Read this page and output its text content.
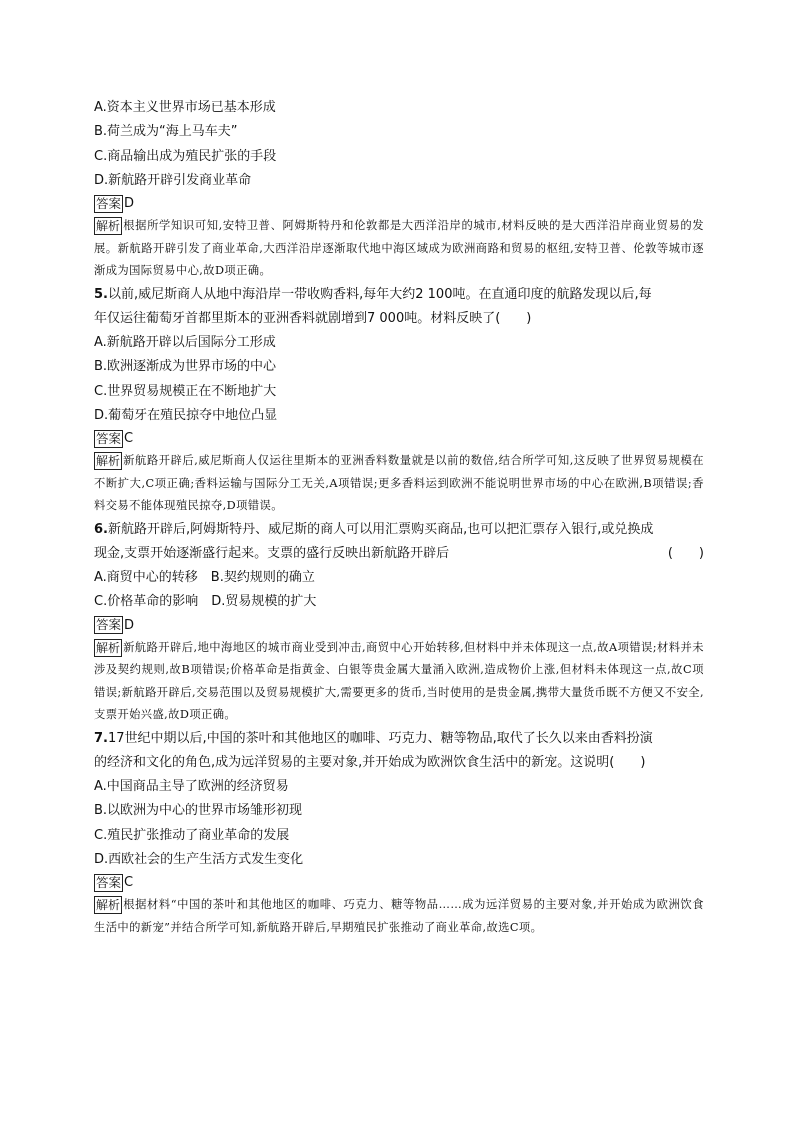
A.资本主义世界市场已基本形成
B.荷兰成为“海上马车夫”
C.商品输出成为殖民扩张的手段
D.新航路开辟引发商业革命
答案 D
解析 根据所学知识可知,安特卫普、阿姆斯特丹和伦敦都是大西洋沿岸的城市,材料反映的是大西洋沿岸商业贸易的发展。新航路开辟引发了商业革命,大西洋沿岸逐渐取代地中海区域成为欧洲商路和贸易的枢纽,安特卫普、伦敦等城市逐渐成为国际贸易中心,故D项正确。
5.以前,威尼斯商人从地中海沿岸一带收购香料,每年大约2 100吨。在直通印度的航路发现以后,每
年仅运往葡萄牙首都里斯本的亚洲香料就剧增到7 000吨。材料反映了(　　)
A.新航路开辟以后国际分工形成
B.欧洲逐渐成为世界市场的中心
C.世界贸易规模正在不断地扩大
D.葡萄牙在殖民掠夺中地位凸显
答案 C
解析 新航路开辟后,威尼斯商人仅运往里斯本的亚洲香料数量就是以前的数倍,结合所学可知,这反映了世界贸易规模在不断扩大,C项正确;香料运输与国际分工无关,A项错误;更多香料运到欧洲不能说明世界市场的中心在欧洲,B项错误;香料交易不能体现殖民掠夺,D项错误。
6.新航路开辟后,阿姆斯特丹、威尼斯的商人可以用汇票购买商品,也可以把汇票存入银行,或兑换成
现金,支票开始逐渐盛行起来。支票的盛行反映出新航路开辟后	(　　)
A.商贸中心的转移　B.契约规则的确立
C.价格革命的影响　D.贸易规模的扩大
答案 D
解析 新航路开辟后,地中海地区的城市商业受到冲击,商贸中心开始转移,但材料中并未体现这一点,故A项错误;材料并未涉及契约规则,故B项错误;价格革命是指黄金、白银等贵金属大量涌入欧洲,造成物价上涨,但材料未体现这一点,故C项错误;新航路开辟后,交易范围以及贸易规模扩大,需要更多的货币,当时使用的是贵金属,携带大量货币既不方便又不安全,支票开始兴盛,故D项正确。
7.17世纪中期以后,中国的茶叶和其他地区的咖啡、巧克力、糖等物品,取代了长久以来由香料扮演
的经济和文化的角色,成为远洋贸易的主要对象,并开始成为欧洲饮食生活中的新宠。这说明(　　)
A.中国商品主导了欧洲的经济贸易
B.以欧洲为中心的世界市场雏形初现
C.殖民扩张推动了商业革命的发展
D.西欧社会的生产生活方式发生变化
答案 C
解析 根据材料“中国的茶叶和其他地区的咖啡、巧克力、糖等物品……成为远洋贸易的主要对象,并开始成为欧洲饮食生活中的新宠”并结合所学可知,新航路开辟后,早期殖民扩张推动了商业革命,故选C项。
